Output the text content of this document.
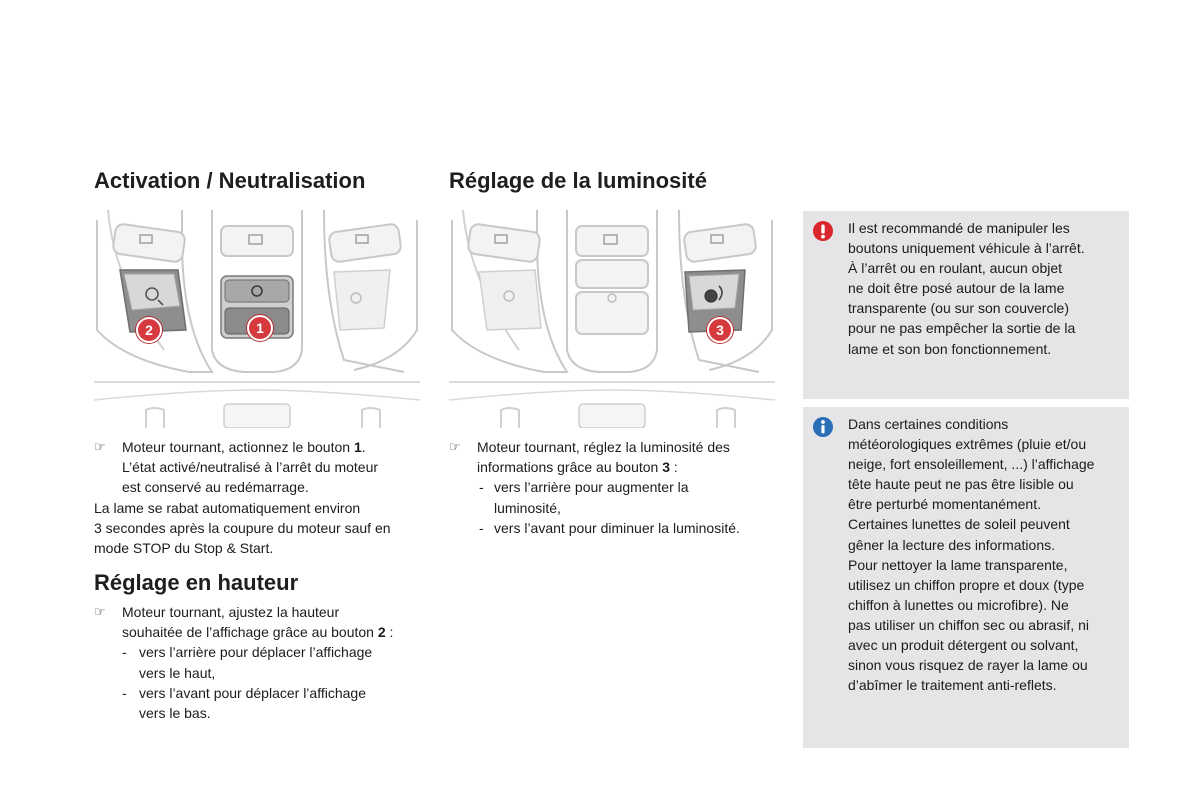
Activation / Neutralisation
2	1
☞ Moteur tournant, actionnez le bouton 1.
L’état activé/neutralisé à l’arrêt du moteur
est conservé au redémarrage.
La lame se rabat automatiquement environ
3 secondes après la coupure du moteur sauf en
mode STOP du Stop & Start.
Réglage en hauteur
☞ Moteur tournant, ajustez la hauteur
souhaitée de l’affichage grâce au bouton 2 :
- vers l’arrière pour déplacer l’affichage
vers le haut,
- vers l’avant pour déplacer l’affichage
vers le bas.
Réglage de la luminosité
3
☞ Moteur tournant, réglez la luminosité des
informations grâce au bouton 3 :
- vers l’arrière pour augmenter la
luminosité,
- vers l’avant pour diminuer la luminosité.
Il est recommandé de manipuler les
boutons uniquement véhicule à l’arrêt.
À l’arrêt ou en roulant, aucun objet
ne doit être posé autour de la lame
transparente (ou sur son couvercle)
pour ne pas empêcher la sortie de la
lame et son bon fonctionnement.
Dans certaines conditions
météorologiques extrêmes (pluie et/ou
neige, fort ensoleillement, ...) l’affichage
tête haute peut ne pas être lisible ou
être perturbé momentanément.
Certaines lunettes de soleil peuvent
gêner la lecture des informations.
Pour nettoyer la lame transparente,
utilisez un chiffon propre et doux (type
chiffon à lunettes ou microfibre). Ne
pas utiliser un chiffon sec ou abrasif, ni
avec un produit détergent ou solvant,
sinon vous risquez de rayer la lame ou
d’abîmer le traitement anti-reflets.
